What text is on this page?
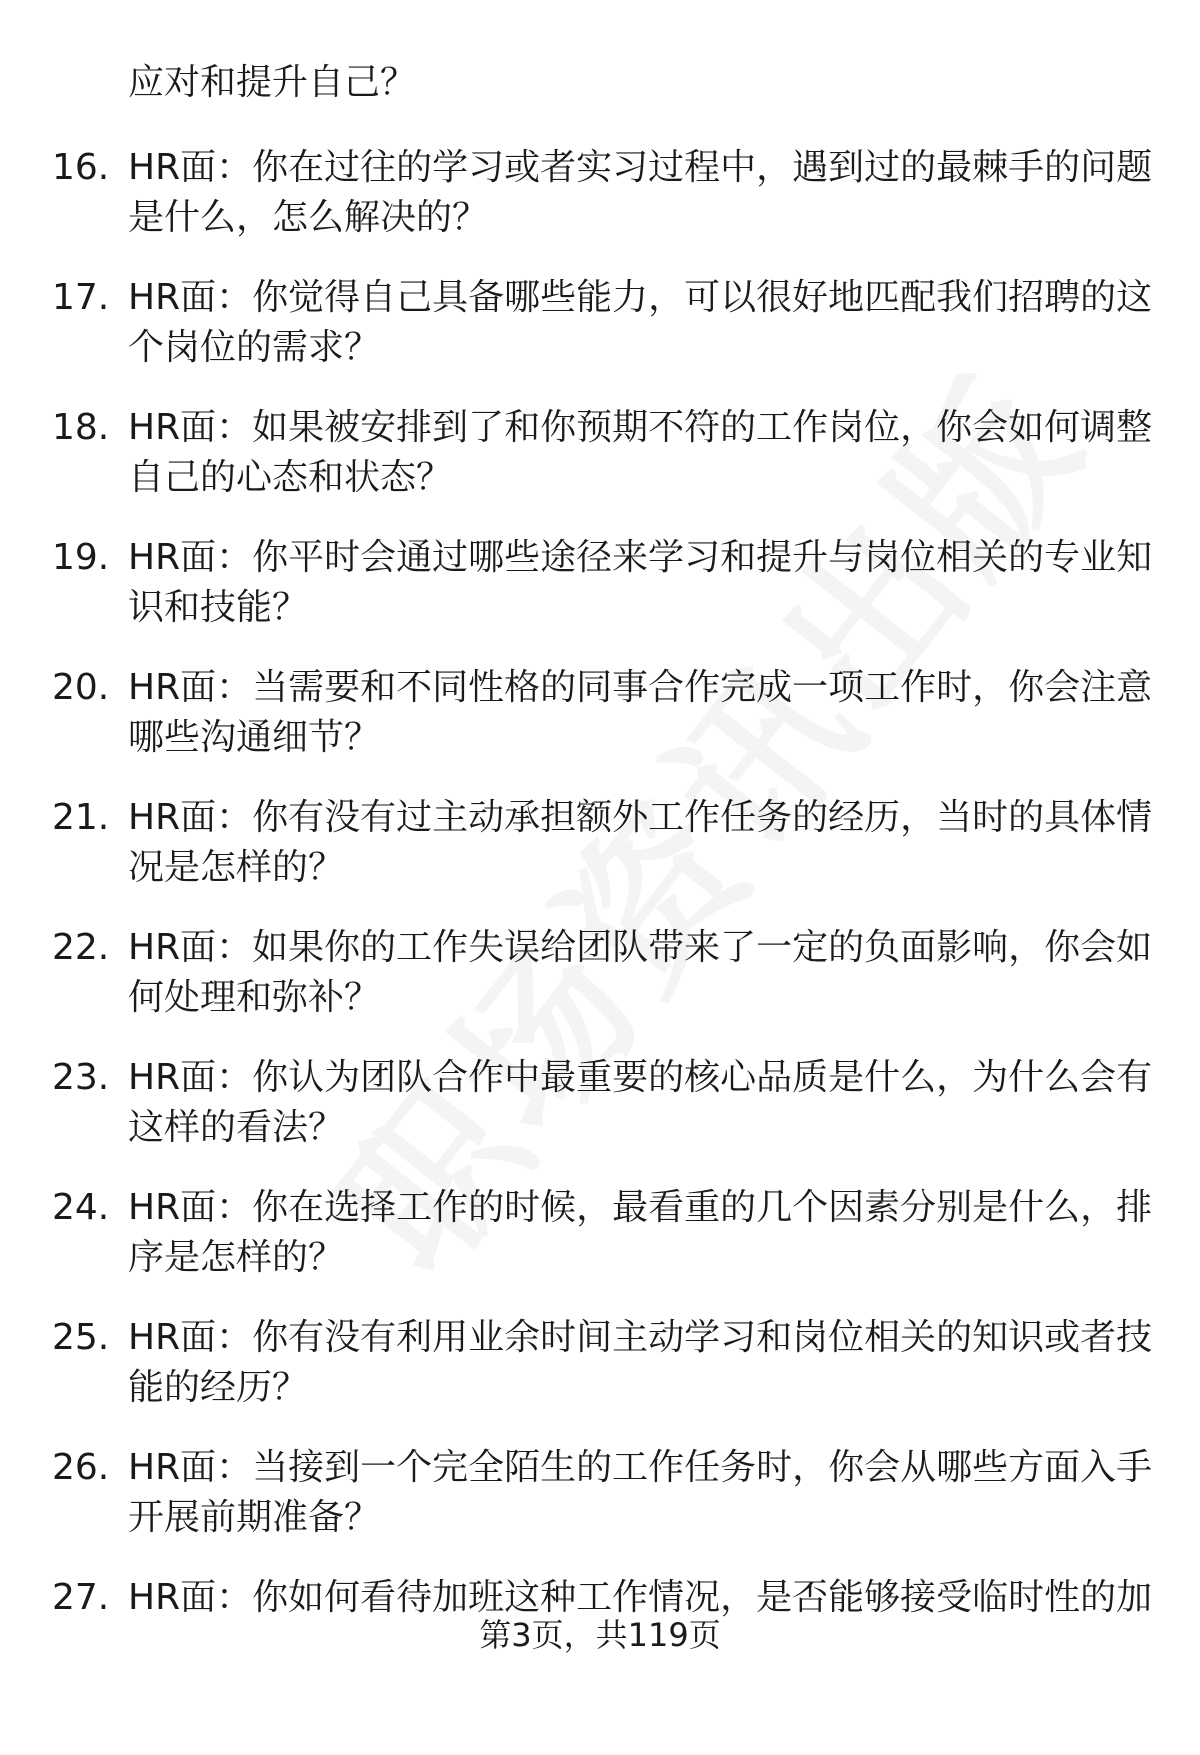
应对和提升自己？
16. HR面：你在过往的学习或者实习过程中，遇到过的最棘手的问题是什么，怎么解决的？
17. HR面：你觉得自己具备哪些能力，可以很好地匹配我们招聘的这个岗位的需求？
18. HR面：如果被安排到了和你预期不符的工作岗位，你会如何调整自己的心态和状态？
19. HR面：你平时会通过哪些途径来学习和提升与岗位相关的专业知识和技能？
20. HR面：当需要和不同性格的同事合作完成一项工作时，你会注意哪些沟通细节？
21. HR面：你有没有过主动承担额外工作任务的经历，当时的具体情况是怎样的？
22. HR面：如果你的工作失误给团队带来了一定的负面影响，你会如何处理和弥补？
23. HR面：你认为团队合作中最重要的核心品质是什么，为什么会有这样的看法？
24. HR面：你在选择工作的时候，最看重的几个因素分别是什么，排序是怎样的？
25. HR面：你有没有利用业余时间主动学习和岗位相关的知识或者技能的经历？
26. HR面：当接到一个完全陌生的工作任务时，你会从哪些方面入手开展前期准备？
27. HR面：你如何看待加班这种工作情况，是否能够接受临时性的加
第3页，共119页
